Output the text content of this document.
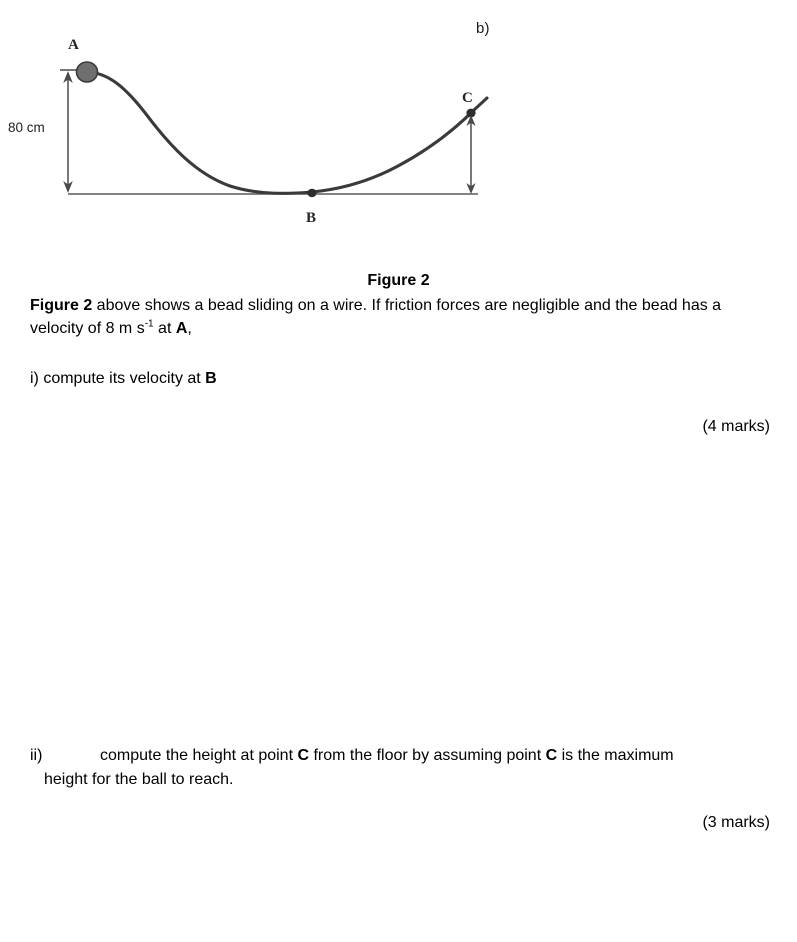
b)
80 cm
A
B
C
Figure 2
Figure 2 above shows a bead sliding on a wire. If friction forces are negligible and the bead has a velocity of 8 m $s^{-1}$ at A,
i) compute its velocity at B
(4 marks)
ii)	compute the height at point C from the floor by assuming point C is the maximum
height for the ball to reach.
(3 marks)
